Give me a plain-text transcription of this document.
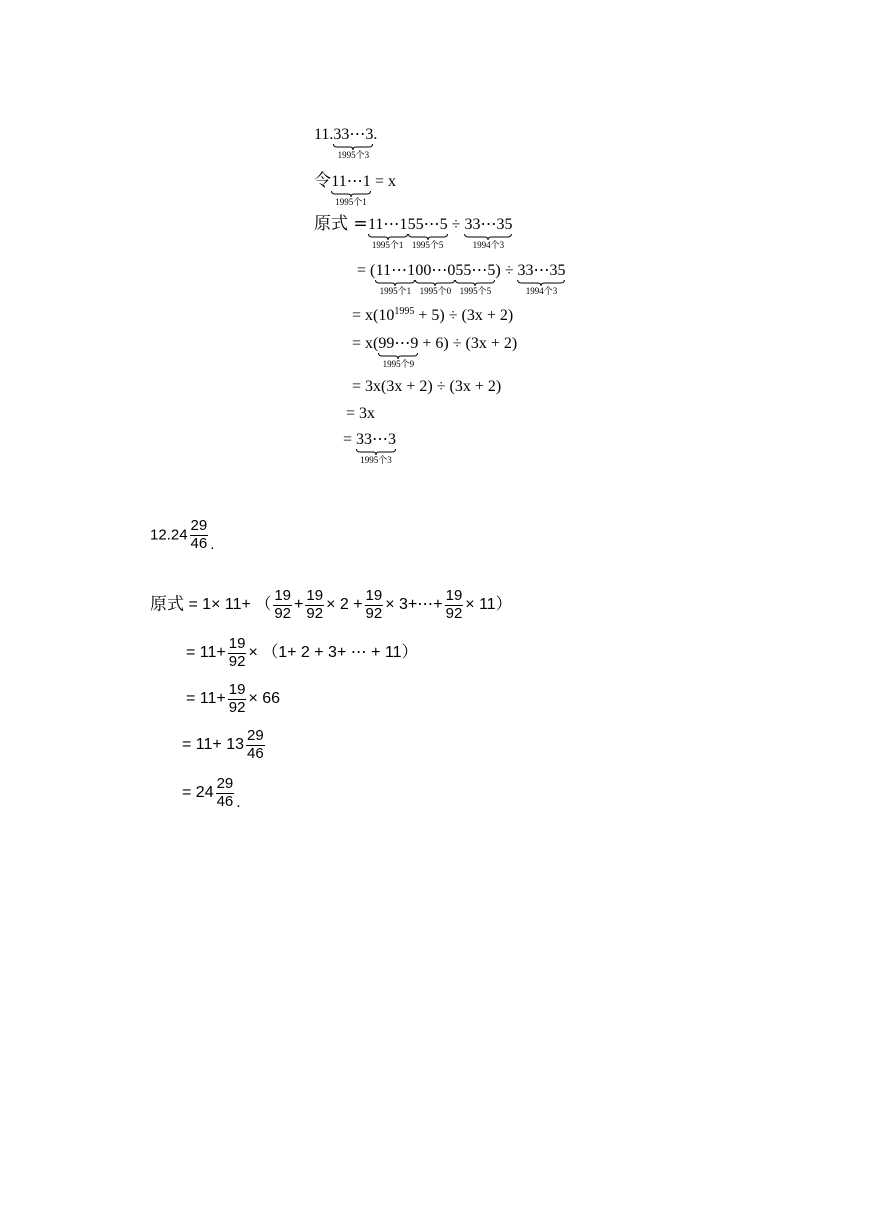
11. 33⋯3
1995个3
.
令 11⋯1
1995个1
= x
原式 = 11⋯1
1995个1
55⋯5
1995个5
÷ 33⋯35
1994个3
= ( 11⋯1
1995个1
00⋯0
1995个0
55⋯5
1995个5
) ÷ 33⋯35
1994个3
= $x(10^{1995} + 5) \div (3x + 2)$
= x( 99⋯9
1995个9
+ 6) ÷ (3x + 2)
= 3x(3x + 2) ÷ (3x + 2)
= 3x
= 33⋯3
1995个3
$12.24 \frac{29}{46}$ .
原式 = 1× 11+ （ $\frac{19}{92} + \frac{19}{92} \times 2 + \frac{19}{92}$ × 3+⋯+ $\frac{19}{92} \times 11$）
= $11+ \frac{19}{92} \times (1+ 2 + 3+$ ⋯ + 11）
= $11+ \frac{19}{92} \times 66$
= $11+ 13 \frac{29}{46}$
= $24 \frac{29}{46}$ .
